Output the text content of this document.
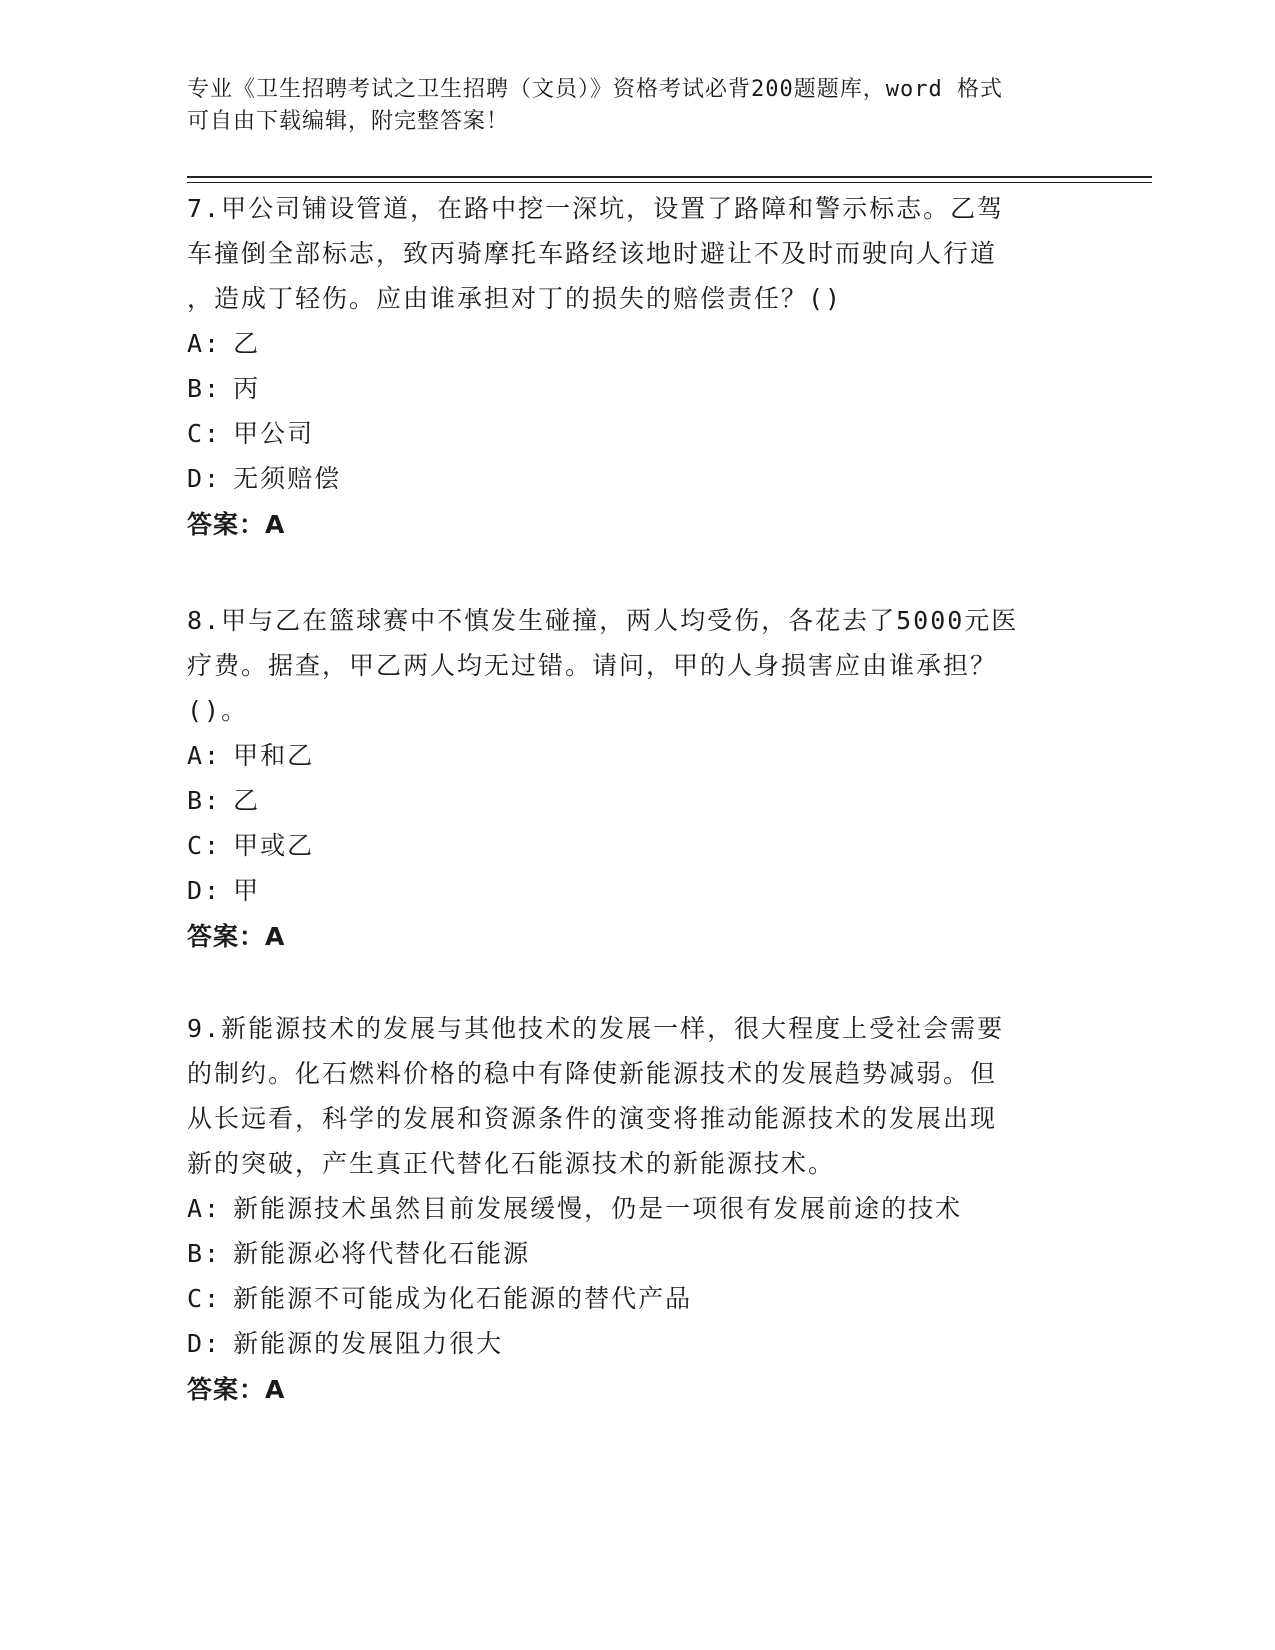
专业《卫生招聘考试之卫生招聘（文员）》资格考试必背200题题库，word 格式
可自由下载编辑，附完整答案！

7.甲公司铺设管道，在路中挖一深坑，设置了路障和警示标志。乙驾

车撞倒全部标志，致丙骑摩托车路经该地时避让不及时而驶向人行道

，造成丁轻伤。应由谁承担对丁的损失的赔偿责任？()

A: 乙

B: 丙

C: 甲公司

D: 无须赔偿

答案：A

8.甲与乙在篮球赛中不慎发生碰撞，两人均受伤，各花去了5000元医

疗费。据查，甲乙两人均无过错。请问，甲的人身损害应由谁承担？

()。

A: 甲和乙

B: 乙

C: 甲或乙

D: 甲

答案：A

9.新能源技术的发展与其他技术的发展一样，很大程度上受社会需要

的制约。化石燃料价格的稳中有降使新能源技术的发展趋势减弱。但

从长远看，科学的发展和资源条件的演变将推动能源技术的发展出现

新的突破，产生真正代替化石能源技术的新能源技术。

A: 新能源技术虽然目前发展缓慢，仍是一项很有发展前途的技术

B: 新能源必将代替化石能源

C: 新能源不可能成为化石能源的替代产品

D: 新能源的发展阻力很大

答案：A
